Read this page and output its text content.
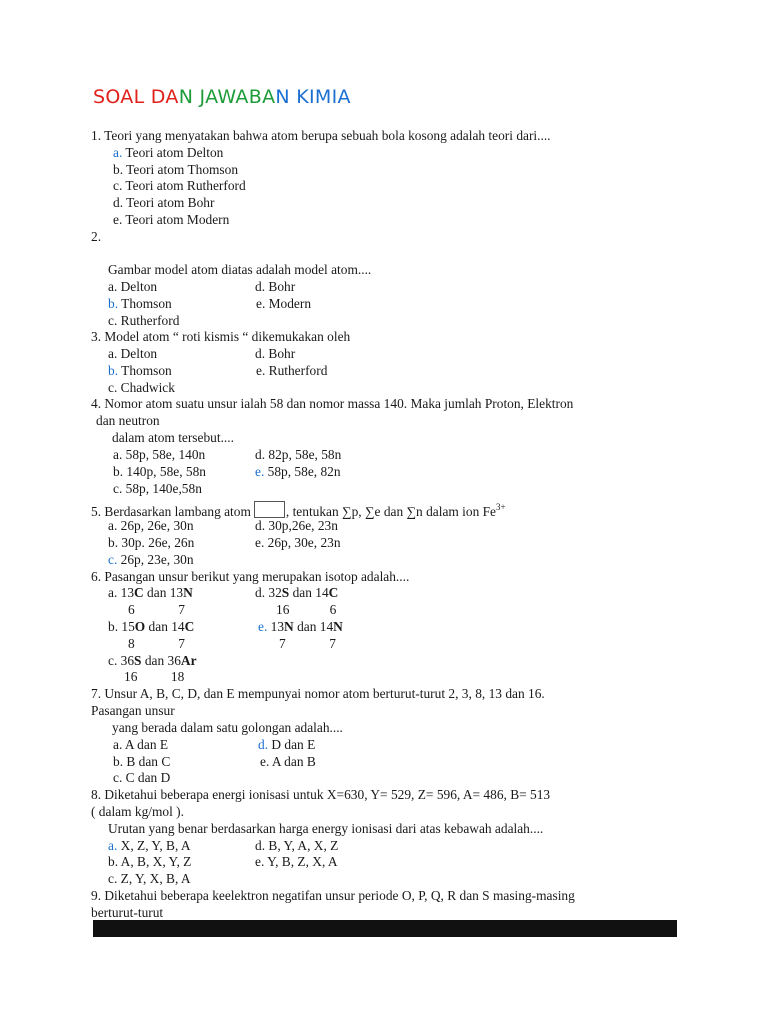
SOAL DAN JAWABAN KIMIA
1. Teori yang menyatakan bahwa atom berupa sebuah bola kosong adalah teori dari....
a. Teori atom Delton
b. Teori atom Thomson
c. Teori atom Rutherford
d. Teori atom Bohr
e. Teori atom Modern
2.
Gambar model atom diatas adalah model atom....
a. Delton	d. Bohr
b. Thomson	e. Modern
c. Rutherford
3. Model atom “ roti kismis “ dikemukakan oleh
a. Delton	d. Bohr
b. Thomson	e. Rutherford
c. Chadwick
4. Nomor atom suatu unsur ialah 58 dan nomor massa 140. Maka jumlah Proton, Elektron
dan neutron
dalam atom tersebut....
a. 58p, 58e, 140n	d. 82p, 58e, 58n
b. 140p, 58e, 58n	e. 58p, 58e, 82n
c. 58p, 140e,58n
5. Berdasarkan lambang atom	, tentukan ∑p, ∑e dan ∑n dalam ion $Fe^{3+}$
a. 26p, 26e, 30n	d. 30p,26e, 23n
b. 30p. 26e, 26n	e. 26p, 30e, 23n
c. 26p, 23e, 30n
6. Pasangan unsur berikut yang merupakan isotop adalah....
a. 13C dan 13N	d. 32S dan 14C
6             7	16            6
b. 15O dan 14C	e. 13N dan 14N
8             7	7             7
c. 36S dan 36Ar
16          18
7. Unsur A, B, C, D, dan E mempunyai nomor atom berturut-turut 2, 3, 8, 13 dan 16.
Pasangan unsur
yang berada dalam satu golongan adalah....
a. A dan E	d. D dan E
b. B dan C	e. A dan B
c. C dan D
8. Diketahui beberapa energi ionisasi untuk X=630, Y= 529, Z= 596, A= 486, B= 513
( dalam kg/mol ).
Urutan yang benar berdasarkan harga energy ionisasi dari atas kebawah adalah....
a. X, Z, Y, B, A	d. B, Y, A, X, Z
b. A, B, X, Y, Z	e. Y, B, Z, X, A
c. Z, Y, X, B, A
9. Diketahui beberapa keelektron negatifan unsur periode O, P, Q, R dan S masing-masing
berturut-turut
